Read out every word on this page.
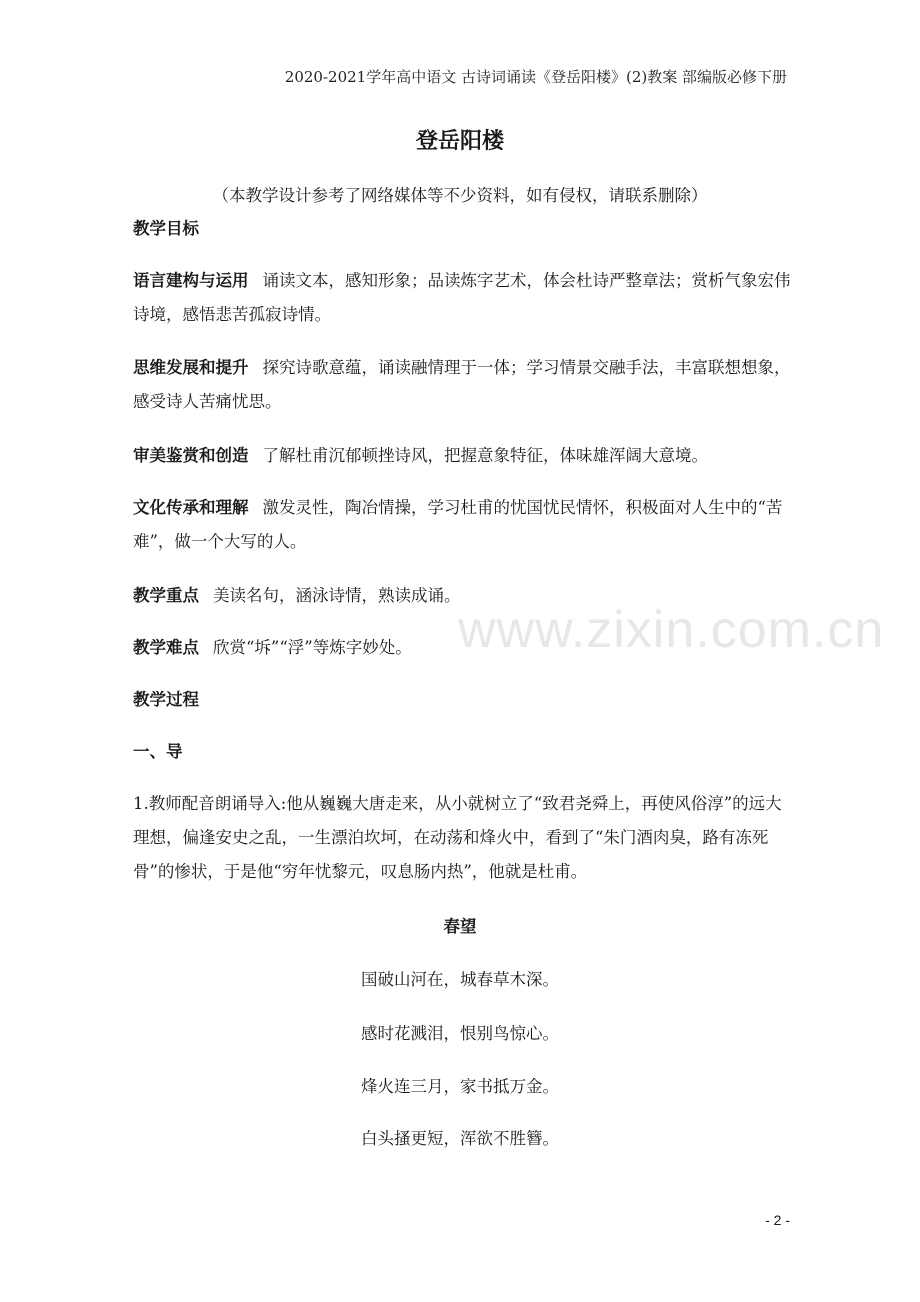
2020-2021学年高中语文 古诗词诵读《登岳阳楼》(2)教案 部编版必修下册
登岳阳楼
（本教学设计参考了网络媒体等不少资料，如有侵权，请联系删除）
教学目标
语言建构与运用 诵读文本，感知形象；品读炼字艺术，体会杜诗严整章法；赏析气象宏伟诗境，感悟悲苦孤寂诗情。
思维发展和提升 探究诗歌意蕴，诵读融情理于一体；学习情景交融手法，丰富联想想象，感受诗人苦痛忧思。
审美鉴赏和创造 了解杜甫沉郁顿挫诗风，把握意象特征，体味雄浑阔大意境。
文化传承和理解 激发灵性，陶冶情操，学习杜甫的忧国忧民情怀，积极面对人生中的“苦难”，做一个大写的人。
教学重点 美读名句，涵泳诗情，熟读成诵。
教学难点 欣赏“坼”“浮”等炼字妙处。
教学过程
一、导
1.教师配音朗诵导入:他从巍巍大唐走来，从小就树立了“致君尧舜上，再使风俗淳”的远大理想，偏逢安史之乱，一生漂泊坎坷，在动荡和烽火中，看到了“朱门酒肉臭，路有冻死骨”的惨状，于是他“穷年忧黎元，叹息肠内热”，他就是杜甫。
春望
国破山河在，城春草木深。
感时花溅泪，恨别鸟惊心。
烽火连三月，家书抵万金。
白头搔更短，浑欲不胜簪。
www.zixin.com.cn
- 2 -
